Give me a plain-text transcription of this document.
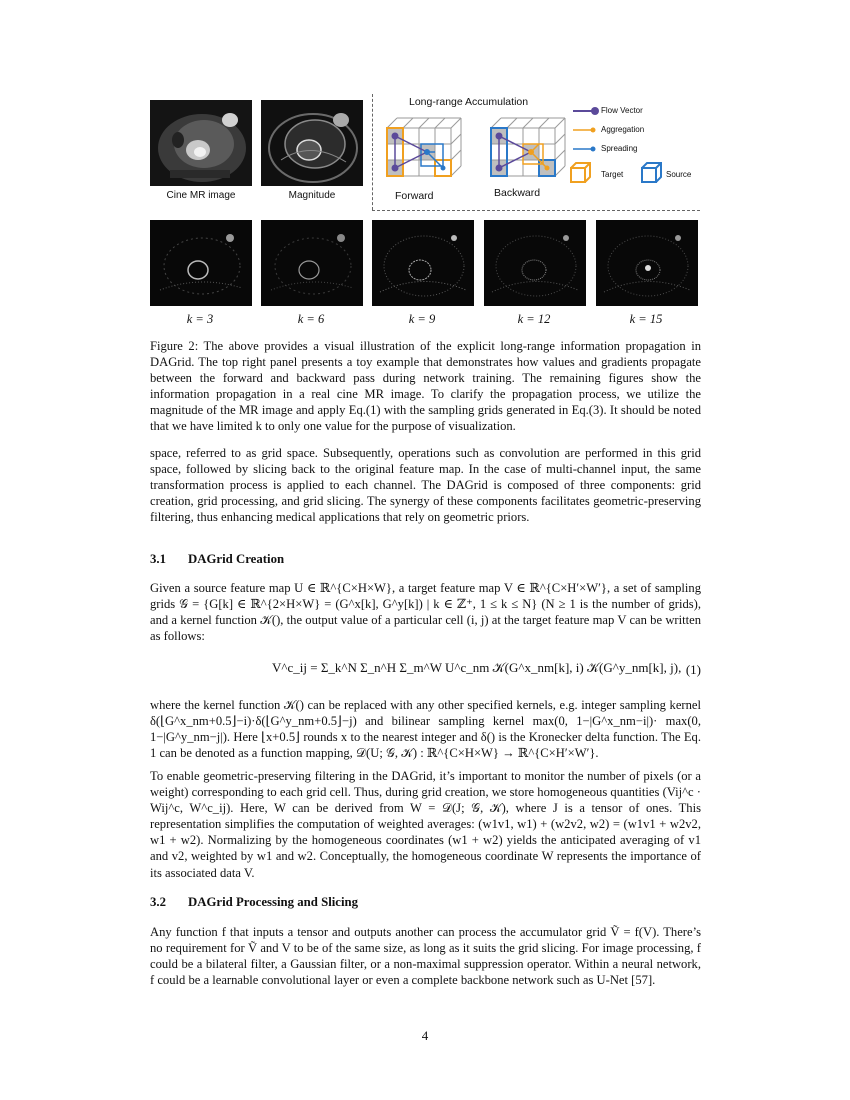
Cine MR image	Magnitude
Long-range Accumulation
Flow Vector
Aggregation
Spreading
Target	Source
Forward	Backward
k = 3	k = 6	k = 9	k = 12	k = 15
Figure 2: The above provides a visual illustration of the explicit long-range information propagation in DAGrid. The top right panel presents a toy example that demonstrates how values and gradients propagate between the forward and backward pass during network training. The remaining figures show the information propagation in a real cine MR image. To clarify the propagation process, we utilize the magnitude of the MR image and apply Eq.(1) with the sampling grids generated in Eq.(3). It should be noted that we have limited k to only one value for the purpose of visualization.
space, referred to as grid space. Subsequently, operations such as convolution are performed in this grid space, followed by slicing back to the original feature map. In the case of multi-channel input, the same transformation process is applied to each channel. The DAGrid is composed of three components: grid creation, grid processing, and grid slicing. The synergy of these components facilitates geometric-preserving filtering, thus enhancing medical applications that rely on geometric priors.
3.1 DAGrid Creation
Given a source feature map U ∈ ℝ^{C×H×W}, a target feature map V ∈ ℝ^{C×H′×W′}, a set of sampling grids 𝒢 = {G[k] ∈ ℝ^{2×H×W} = (G^x[k], G^y[k]) | k ∈ ℤ⁺, 1 ≤ k ≤ N} (N ≥ 1 is the number of grids), and a kernel function 𝒦(), the output value of a particular cell (i, j) at the target feature map V can be written as follows:
V^c_ij = Σ_k^N Σ_n^H Σ_m^W U^c_nm 𝒦(G^x_nm[k], i) 𝒦(G^y_nm[k], j), (1)
where the kernel function 𝒦() can be replaced with any other specified kernels, e.g. integer sampling kernel δ(⌊G^x_nm+0.5⌋−i)·δ(⌊G^y_nm+0.5⌋−j) and bilinear sampling kernel max(0, 1−|G^x_nm−i|)· max(0, 1−|G^y_nm−j|). Here ⌊x+0.5⌋ rounds x to the nearest integer and δ() is the Kronecker delta function. The Eq. 1 can be denoted as a function mapping, 𝒟(U; 𝒢, 𝒦) : ℝ^{C×H×W} → ℝ^{C×H′×W′}.
To enable geometric-preserving filtering in the DAGrid, it’s important to monitor the number of pixels (or a weight) corresponding to each grid cell. Thus, during grid creation, we store homogeneous quantities (Vij^c · Wij^c, W^c_ij). Here, W can be derived from W = 𝒟(J; 𝒢, 𝒦), where J is a tensor of ones. This representation simplifies the computation of weighted averages: (w1v1, w1) + (w2v2, w2) = (w1v1 + w2v2, w1 + w2). Normalizing by the homogeneous coordinates (w1 + w2) yields the anticipated averaging of v1 and v2, weighted by w1 and w2. Conceptually, the homogeneous coordinate W represents the importance of its associated data V.
3.2 DAGrid Processing and Slicing
Any function f that inputs a tensor and outputs another can process the accumulator grid Ṽ = f(V). There’s no requirement for Ṽ and V to be of the same size, as long as it suits the grid slicing. For image processing, f could be a bilateral filter, a Gaussian filter, or a non-maximal suppression operator. Within a neural network, f could be a learnable convolutional layer or even a complete backbone network such as U-Net [57].
4
